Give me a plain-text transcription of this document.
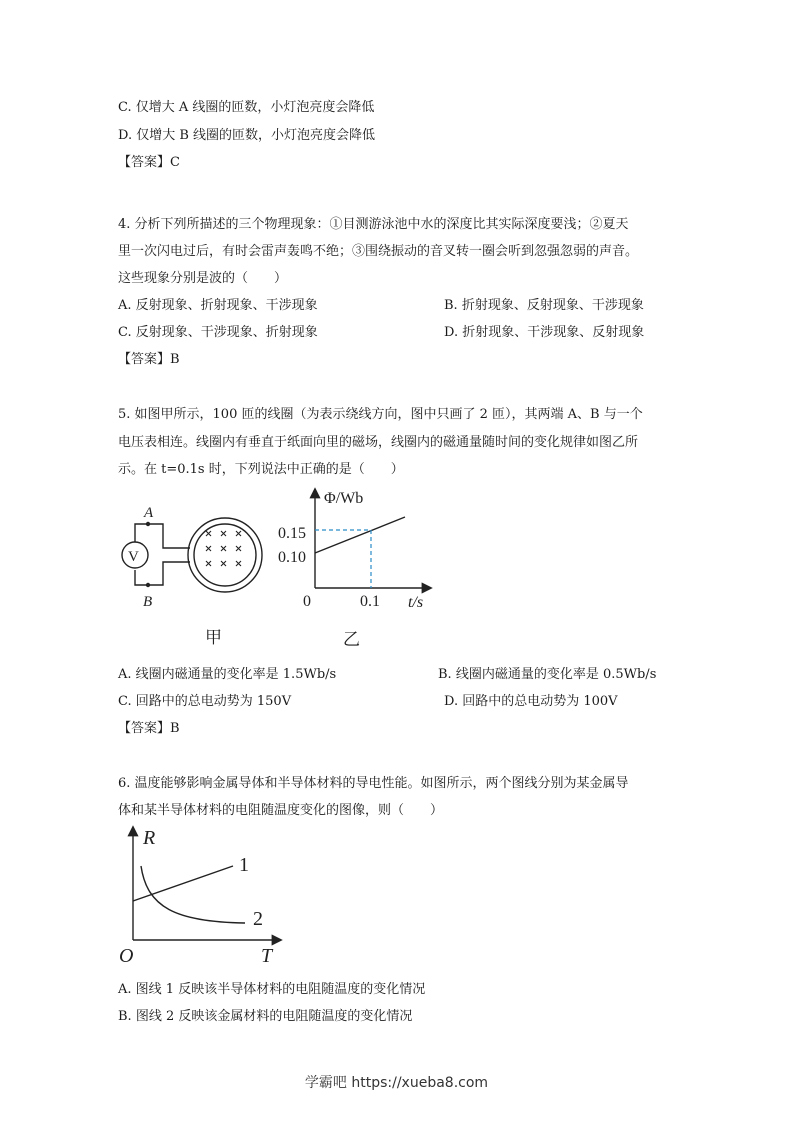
C. 仅增大 A 线圈的匝数，小灯泡亮度会降低
D. 仅增大 B 线圈的匝数，小灯泡亮度会降低
【答案】C
4. 分析下列所描述的三个物理现象：①目测游泳池中水的深度比其实际深度要浅；②夏天
里一次闪电过后，有时会雷声轰鸣不绝；③围绕振动的音叉转一圈会听到忽强忽弱的声音。
这些现象分别是波的（　　）
A. 反射现象、折射现象、干涉现象	B. 折射现象、反射现象、干涉现象
C. 反射现象、干涉现象、折射现象	D. 折射现象、干涉现象、反射现象
【答案】B
5. 如图甲所示，100 匝的线圈（为表示绕线方向，图中只画了 2 匝），其两端 A、B 与一个
电压表相连。线圈内有垂直于纸面向里的磁场，线圈内的磁通量随时间的变化规律如图乙所
示。在 t=0.1s 时，下列说法中正确的是（　　）
A
B
V
甲
Φ/Wb
t/s
0.15
0.10
0	0.1
乙
A. 线圈内磁通量的变化率是 1.5Wb/s	B. 线圈内磁通量的变化率是 0.5Wb/s
C. 回路中的总电动势为 150V	D. 回路中的总电动势为 100V
【答案】B
6. 温度能够影响金属导体和半导体材料的导电性能。如图所示，两个图线分别为某金属导
体和某半导体材料的电阻随温度变化的图像，则（　　）
R
T
O
1
2
A. 图线 1 反映该半导体材料的电阻随温度的变化情况
B. 图线 2 反映该金属材料的电阻随温度的变化情况
学霸吧 https://xueba8.com
